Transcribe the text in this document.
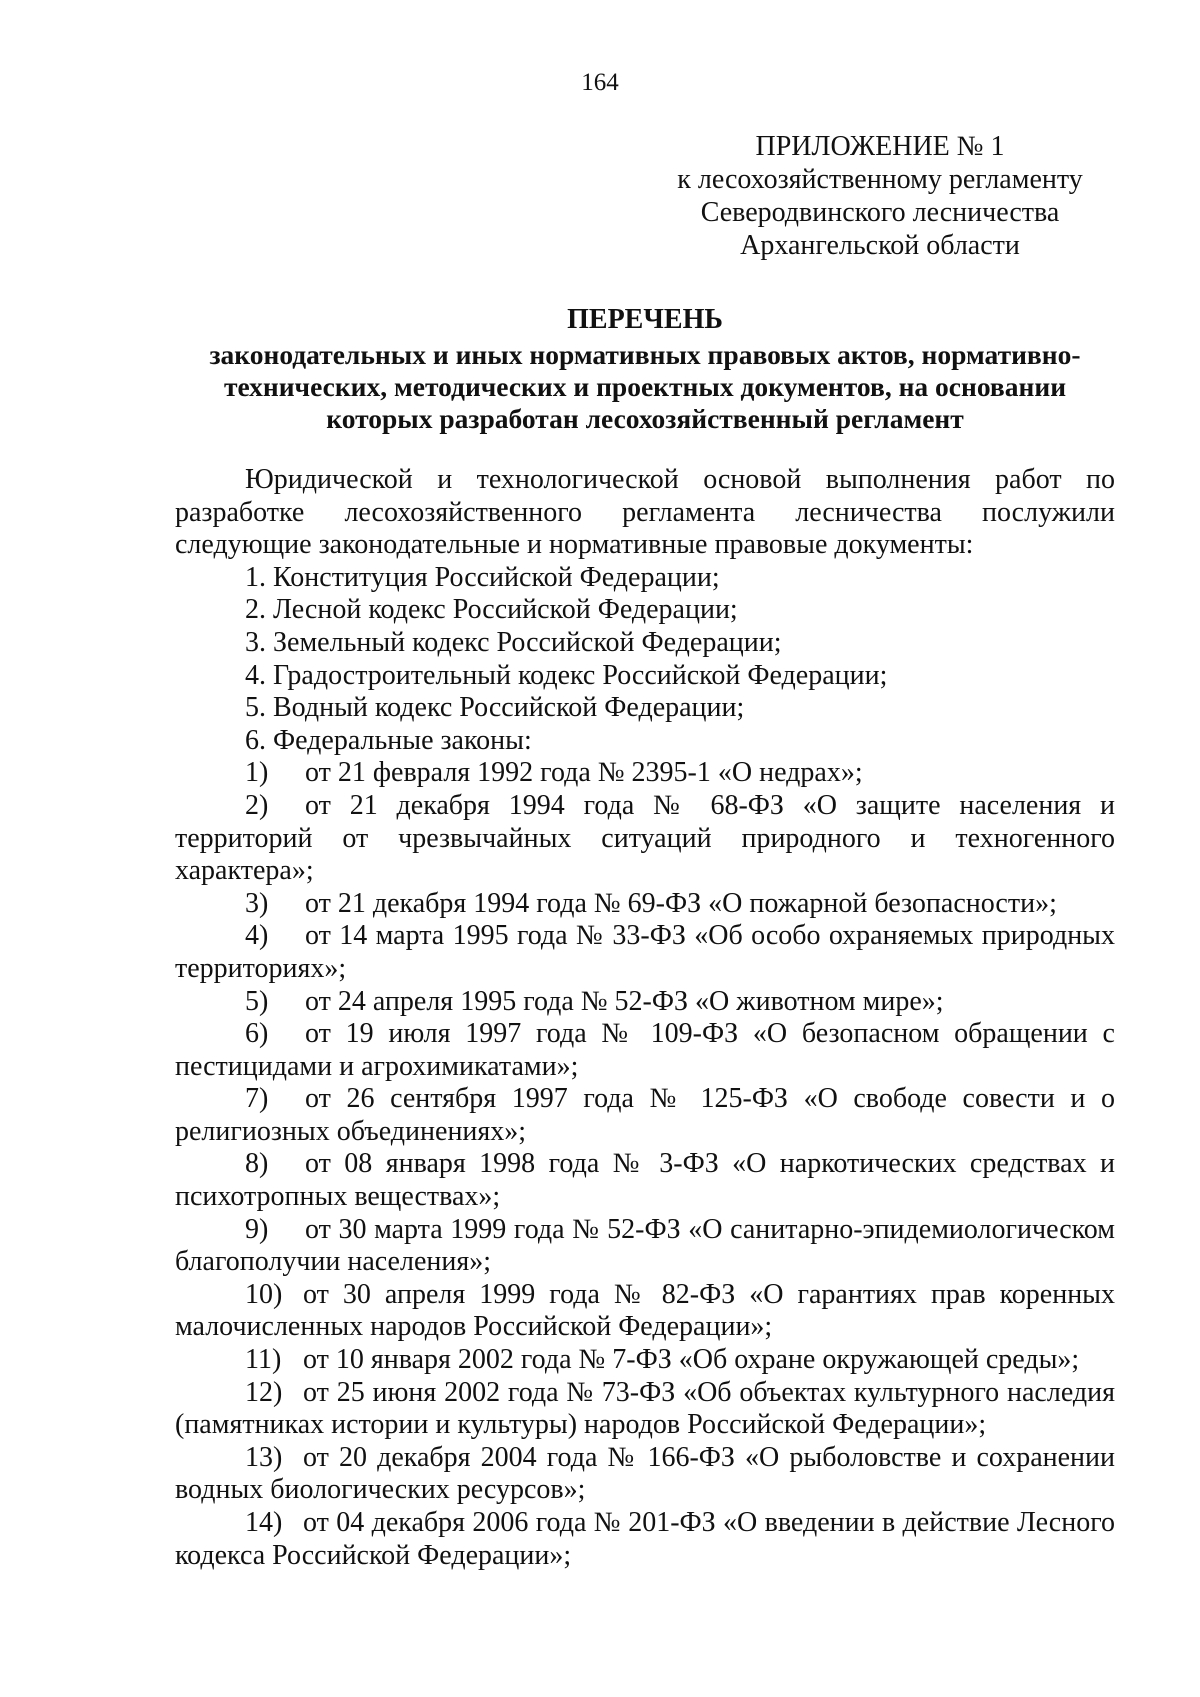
164
ПРИЛОЖЕНИЕ № 1
к лесохозяйственному регламенту
Северодвинского лесничества
Архангельской области
ПЕРЕЧЕНЬ
законодательных и иных нормативных правовых актов, нормативно-
технических, методических и проектных документов, на основании
которых разработан лесохозяйственный регламент

Юридической и технологической основой выполнения работ по разработке лесохозяйственного регламента лесничества послужили следующие законодательные и нормативные правовые документы:

1. Конституция Российской Федерации;

2. Лесной кодекс Российской Федерации;

3. Земельный кодекс Российской Федерации;

4. Градостроительный кодекс Российской Федерации;

5. Водный кодекс Российской Федерации;

6. Федеральные законы:

1) от 21 февраля 1992 года № 2395-1 «О недрах»;

2) от 21 декабря 1994 года № 68-ФЗ «О защите населения и территорий от чрезвычайных ситуаций природного и техногенного характера»;

3) от 21 декабря 1994 года № 69-ФЗ «О пожарной безопасности»;

4) от 14 марта 1995 года № 33-ФЗ «Об особо охраняемых природных территориях»;

5) от 24 апреля 1995 года № 52-ФЗ «О животном мире»;

6) от 19 июля 1997 года № 109-ФЗ «О безопасном обращении с пестицидами и агрохимикатами»;

7) от 26 сентября 1997 года № 125-ФЗ «О свободе совести и о религиозных объединениях»;

8) от 08 января 1998 года № 3-ФЗ «О наркотических средствах и психотропных веществах»;

9) от 30 марта 1999 года № 52-ФЗ «О санитарно-эпидемиологическом благополучии населения»;

10) от 30 апреля 1999 года № 82-ФЗ «О гарантиях прав коренных малочисленных народов Российской Федерации»;

11) от 10 января 2002 года № 7-ФЗ «Об охране окружающей среды»;

12) от 25 июня 2002 года № 73-ФЗ «Об объектах культурного наследия (памятниках истории и культуры) народов Российской Федерации»;

13) от 20 декабря 2004 года № 166-ФЗ «О рыболовстве и сохранении водных биологических ресурсов»;

14) от 04 декабря 2006 года № 201-ФЗ «О введении в действие Лесного кодекса Российской Федерации»;
